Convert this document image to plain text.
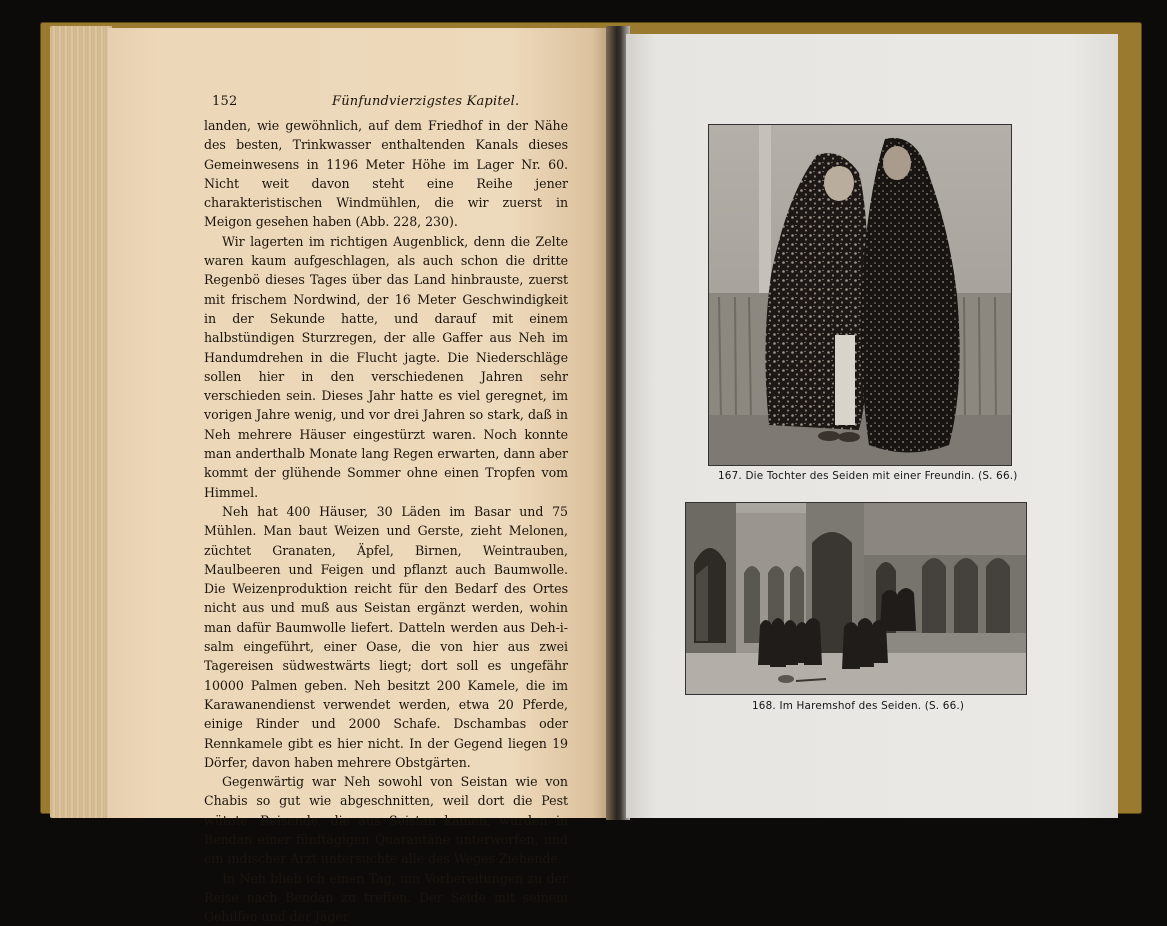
152	Fünfundvierzigstes Kapitel.

landen, wie gewöhnlich, auf dem Friedhof in der Nähe des besten, Trinkwasser enthaltenden Kanals dieses Gemeinwesens in 1196 Meter Höhe im Lager Nr. 60. Nicht weit davon steht eine Reihe jener charakteristischen Windmühlen, die wir zuerst in Meigon gesehen haben (Abb. 228, 230).

Wir lagerten im richtigen Augenblick, denn die Zelte waren kaum aufgeschlagen, als auch schon die dritte Regenbö dieses Tages über das Land hinbrauste, zuerst mit frischem Nordwind, der 16 Meter Geschwindigkeit in der Sekunde hatte, und darauf mit einem halbstündigen Sturzregen, der alle Gaffer aus Neh im Handumdrehen in die Flucht jagte. Die Niederschläge sollen hier in den verschiedenen Jahren sehr verschieden sein. Dieses Jahr hatte es viel geregnet, im vorigen Jahre wenig, und vor drei Jahren so stark, daß in Neh mehrere Häuser eingestürzt waren. Noch konnte man anderthalb Monate lang Regen erwarten, dann aber kommt der glühende Sommer ohne einen Tropfen vom Himmel.

Neh hat 400 Häuser, 30 Läden im Basar und 75 Mühlen. Man baut Weizen und Gerste, zieht Melonen, züchtet Granaten, Äpfel, Birnen, Weintrauben, Maulbeeren und Feigen und pflanzt auch Baumwolle. Die Weizenproduktion reicht für den Bedarf des Ortes nicht aus und muß aus Seistan ergänzt werden, wohin man dafür Baumwolle liefert. Datteln werden aus Deh-i-salm eingeführt, einer Oase, die von hier aus zwei Tagereisen südwestwärts liegt; dort soll es ungefähr 10000 Palmen geben. Neh besitzt 200 Kamele, die im Karawanendienst verwendet werden, etwa 20 Pferde, einige Rinder und 2000 Schafe. Dschambas oder Rennkamele gibt es hier nicht. In der Gegend liegen 19 Dörfer, davon haben mehrere Obstgärten.

Gegenwärtig war Neh sowohl von Seistan wie von Chabis so gut wie abgeschnitten, weil dort die Pest wütete. Reisende, die aus Seistan kamen, wurden in Bendan einer fünftägigen Quarantäne unterworfen, und ein indischer Arzt untersuchte alle des Weges Ziehende.

In Neh blieb ich einen Tag, um Vorbereitungen zu der Reise nach Bendan zu treffen. Der Seide mit seinem Gehilfen und der Jäger

167. Die Tochter des Seiden mit einer Freundin. (S. 66.)
168. Im Haremshof des Seiden. (S. 66.)
